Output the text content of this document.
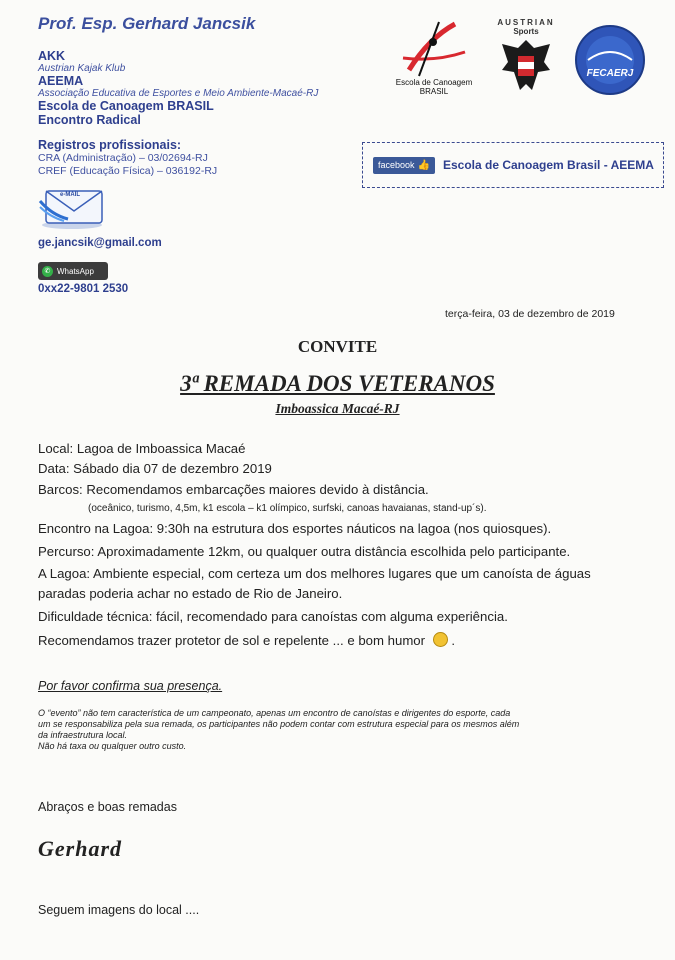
Prof. Esp. Gerhard Jancsik
AKK
Austrian Kajak Klub
AEEMA
Associação Educativa de Esportes e Meio Ambiente-Macaé-RJ
Escola de Canoagem BRASIL
Encontro Radical
Registros profissionais:
CRA (Administração) – 03/02694-RJ
CREF (Educação Física) – 036192-RJ
e-MAIL
ge.jancsik@gmail.com
✆ WhatsApp
0xx22-9801 2530
Escola de Canoagem
BRASIL
AUSTRIAN
Sports
FECAERJ
facebook 👍 Escola de Canoagem Brasil - AEEMA
terça-feira, 03 de dezembro de 2019
CONVITE
3ª REMADA DOS VETERANOS
Imboassica Macaé-RJ
Local: Lagoa de Imboassica Macaé
Data: Sábado dia 07 de dezembro 2019
Barcos: Recomendamos embarcações maiores devido à distância.
(oceânico, turismo, 4,5m, k1 escola – k1 olímpico, surfski, canoas havaianas, stand-up´s).
Encontro na Lagoa: 9:30h na estrutura dos esportes náuticos na lagoa (nos quiosques).
Percurso: Aproximadamente 12km, ou qualquer outra distância escolhida pelo participante.
A Lagoa: Ambiente especial, com certeza um dos melhores lugares que um canoísta de águas
paradas poderia achar no estado de Rio de Janeiro.
Dificuldade técnica: fácil, recomendado para canoístas com alguma experiência.
Recomendamos trazer protetor de sol e repelente ... e bom humor .
Por favor confirma sua presença.
O “evento” não tem característica de um campeonato, apenas um encontro de canoístas e dirigentes do esporte, cada
um se responsabiliza pela sua remada, os participantes não podem contar com estrutura especial para os mesmos além
da infraestrutura local.
Não há taxa ou qualquer outro custo.
Abraços e boas remadas
Gerhard
Seguem imagens do local ....
